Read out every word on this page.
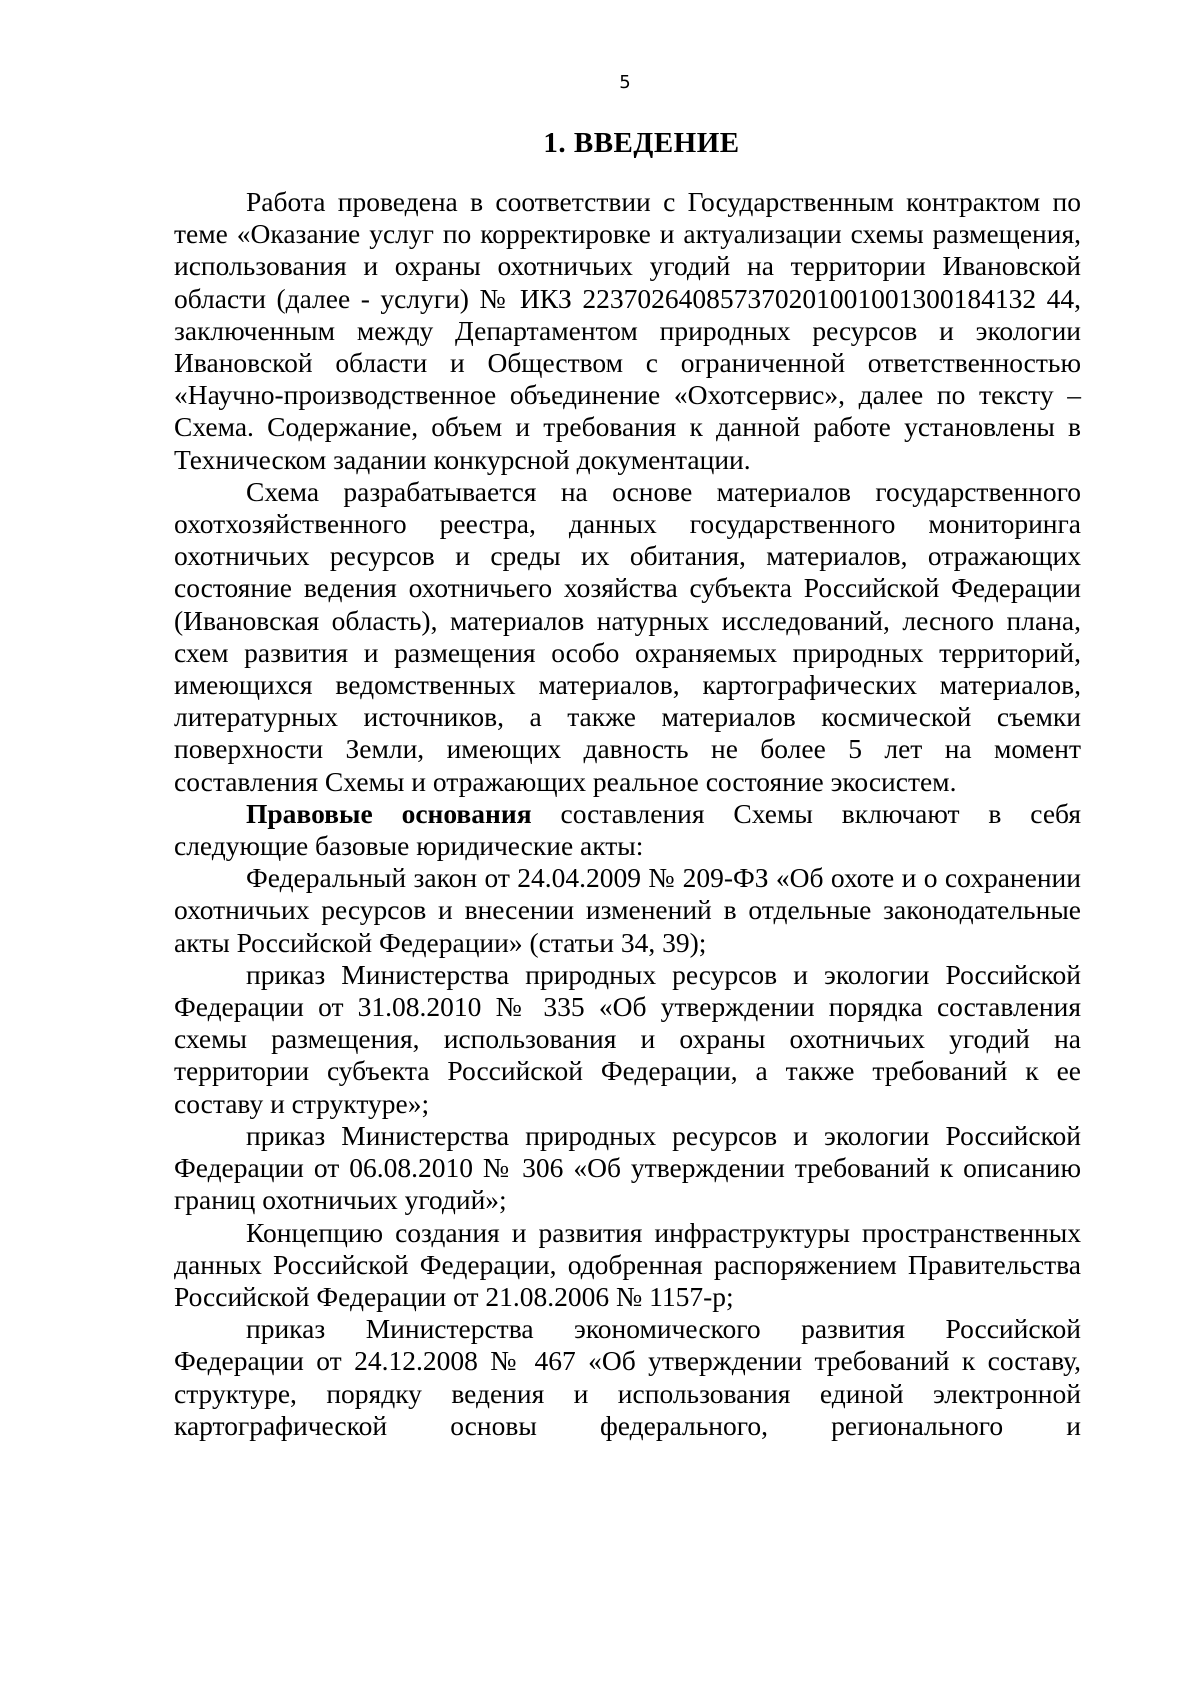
5
1. ВВЕДЕНИЕ

Работа проведена в соответствии с Государственным контрактом по теме «Оказание услуг по корректировке и актуализации схемы размещения, использования и охраны охотничьих угодий на территории Ивановской области (далее - услуги) № ИКЗ 223702640857370201001001300184132 44, заключенным между Департаментом природных ресурсов и экологии Ивановской области и Обществом с ограниченной ответственностью «Научно-производственное объединение «Охотсервис», далее по тексту – Схема. Содержание, объем и требования к данной работе установлены в Техническом задании конкурсной документации.

Схема разрабатывается на основе материалов государственного охотхозяйственного реестра, данных государственного мониторинга охотничьих ресурсов и среды их обитания, материалов, отражающих состояние ведения охотничьего хозяйства субъекта Российской Федерации (Ивановская область), материалов натурных исследований, лесного плана, схем развития и размещения особо охраняемых природных территорий, имеющихся ведомственных материалов, картографических материалов, литературных источников, а также материалов космической съемки поверхности Земли, имеющих давность не более 5 лет на момент составления Схемы и отражающих реальное состояние экосистем.

Правовые основания составления Схемы включают в себя следующие базовые юридические акты:

Федеральный закон от 24.04.2009 № 209-ФЗ «Об охоте и о сохранении охотничьих ресурсов и внесении изменений в отдельные законодательные акты Российской Федерации» (статьи 34, 39);

приказ Министерства природных ресурсов и экологии Российской Федерации от 31.08.2010 № 335 «Об утверждении порядка составления схемы размещения, использования и охраны охотничьих угодий на территории субъекта Российской Федерации, а также требований к ее составу и структуре»;

приказ Министерства природных ресурсов и экологии Российской Федерации от 06.08.2010 № 306 «Об утверждении требований к описанию границ охотничьих угодий»;

Концепцию создания и развития инфраструктуры пространственных данных Российской Федерации, одобренная распоряжением Правительства Российской Федерации от 21.08.2006 № 1157-р;

приказ Министерства экономического развития Российской Федерации от 24.12.2008 № 467 «Об утверждении требований к составу, структуре, порядку ведения и использования единой электронной картографической основы федерального, регионального и
